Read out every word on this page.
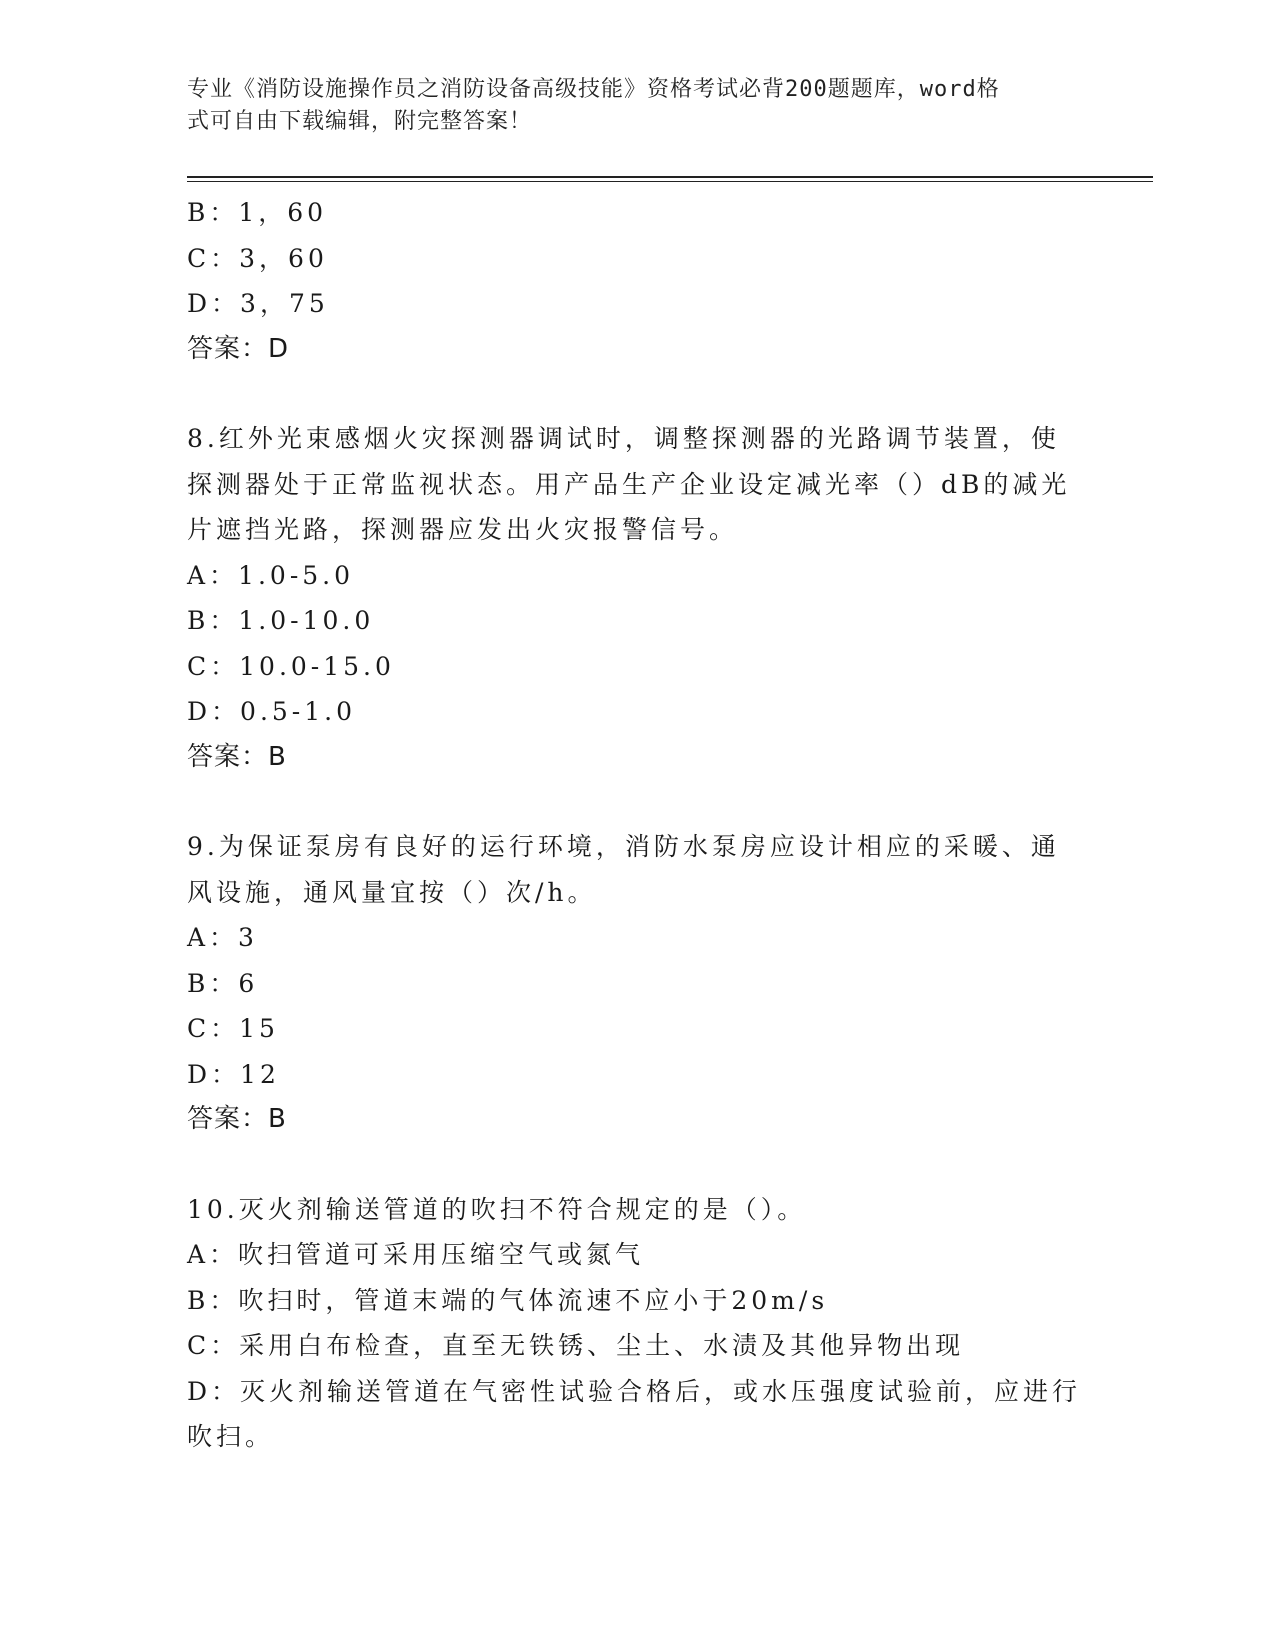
专业《消防设施操作员之消防设备高级技能》资格考试必背200题题库，word格
式可自由下载编辑，附完整答案！
B：1，60
C：3，60
D：3，75
答案：D
8.红外光束感烟火灾探测器调试时，调整探测器的光路调节装置，使
探测器处于正常监视状态。用产品生产企业设定减光率（）dB的减光
片遮挡光路，探测器应发出火灾报警信号。
A：1.0-5.0
B：1.0-10.0
C：10.0-15.0
D：0.5-1.0
答案：B
9.为保证泵房有良好的运行环境，消防水泵房应设计相应的采暖、通
风设施，通风量宜按（）次/h。
A：3
B：6
C：15
D：12
答案：B
10.灭火剂输送管道的吹扫不符合规定的是（）。
A：吹扫管道可采用压缩空气或氮气
B：吹扫时，管道末端的气体流速不应小于20m/s
C：采用白布检查，直至无铁锈、尘土、水渍及其他异物出现
D：灭火剂输送管道在气密性试验合格后，或水压强度试验前，应进行
吹扫。
